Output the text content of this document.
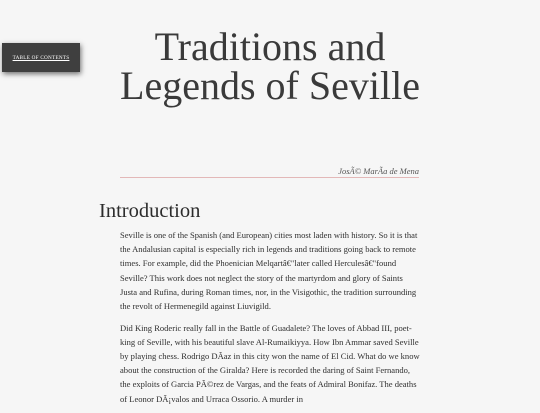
TABLE OF CONTENTS	Traditions and Legends of Seville
JosÃ© MarÃa de Mena
Introduction

Seville is one of the Spanish (and European) cities most laden with history. So it is that the Andalusian capital is especially rich in legends and traditions going back to remote times. For example, did the Phoenician Melqartâ€"later called Herculesâ€"found Seville? This work does not neglect the story of the martyrdom and glory of Saints Justa and Rufina, during Roman times, nor, in the Visigothic, the tradition surrounding the revolt of Hermenegild against Liuvigild.

Did King Roderic really fall in the Battle of Guadalete? The loves of Abbad III, poet-king of Seville, with his beautiful slave Al-Rumaikiyya. How Ibn Ammar saved Seville by playing chess. Rodrigo DÃaz in this city won the name of El Cid. What do we know about the construction of the Giralda? Here is recorded the daring of Saint Fernando, the exploits of Garcia PÃ©rez de Vargas, and the feats of Admiral Bonifaz. The deaths of Leonor DÃ¡valos and Urraca Ossorio. A murder in
